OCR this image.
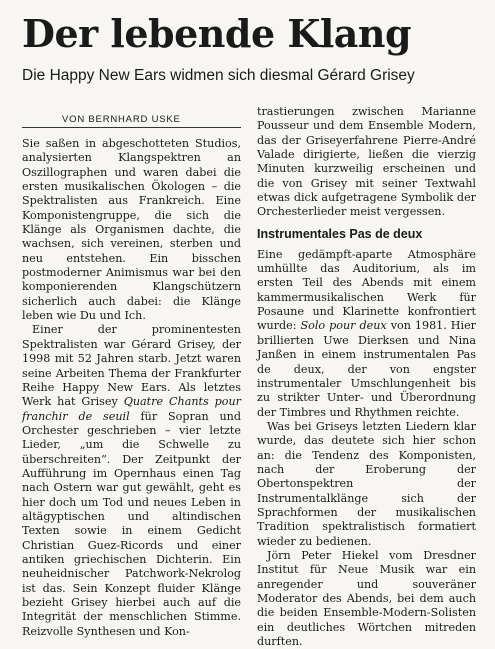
Der lebende Klang
Die Happy New Ears widmen sich diesmal Gérard Grisey
VON BERNHARD USKE

Sie saßen in abgeschotteten Studios, analysierten Klangspektren an Oszillographen und waren dabei die ersten musikalischen Ökologen – die Spektralisten aus Frankreich. Eine Komponistengruppe, die sich die Klänge als Organismen dachte, die wachsen, sich vereinen, sterben und neu entstehen. Ein bisschen postmoderner Animismus war bei den komponierenden Klangschützern sicherlich auch dabei: die Klänge leben wie Du und Ich.

Einer der prominentesten Spektralisten war Gérard Grisey, der 1998 mit 52 Jahren starb. Jetzt waren seine Arbeiten Thema der Frankfurter Reihe Happy New Ears. Als letztes Werk hat Grisey Quatre Chants pour franchir de seuil für Sopran und Orchester geschrieben – vier letzte Lieder, „um die Schwelle zu überschreiten“. Der Zeitpunkt der Aufführung im Opernhaus einen Tag nach Ostern war gut gewählt, geht es hier doch um Tod und neues Leben in altägyptischen und altindischen Texten sowie in einem Gedicht Christian Guez-Ricords und einer antiken griechischen Dichterin. Ein neuheidnischer Patchwork-Nekrolog ist das. Sein Konzept fluider Klänge bezieht Grisey hierbei auch auf die Integrität der menschlichen Stimme. Reizvolle Synthesen und Kon-

trastierungen zwischen Marianne Pousseur und dem Ensemble Modern, das der Griseyerfahrene Pierre-André Valade dirigierte, ließen die vierzig Minuten kurzweilig erscheinen und die von Grisey mit seiner Textwahl etwas dick aufgetragene Symbolik der Orchesterlieder meist vergessen.

Instrumentales Pas de deux

Eine gedämpft-aparte Atmosphäre umhüllte das Auditorium, als im ersten Teil des Abends mit einem kammermusikalischen Werk für Posaune und Klarinette konfrontiert wurde: Solo pour deux von 1981. Hier brillierten Uwe Dierksen und Nina Janßen in einem instrumentalen Pas de deux, der von engster instrumentaler Umschlungenheit bis zu strikter Unter- und Überordnung der Timbres und Rhythmen reichte.

Was bei Griseys letzten Liedern klar wurde, das deutete sich hier schon an: die Tendenz des Komponisten, nach der Eroberung der Obertonspektren der Instrumentalklänge sich der Sprachformen der musikalischen Tradition spektralistisch formatiert wieder zu bedienen.

Jörn Peter Hiekel vom Dresdner Institut für Neue Musik war ein anregender und souveräner Moderator des Abends, bei dem auch die beiden Ensemble-Modern-Solisten ein deutliches Wörtchen mitreden durften.
